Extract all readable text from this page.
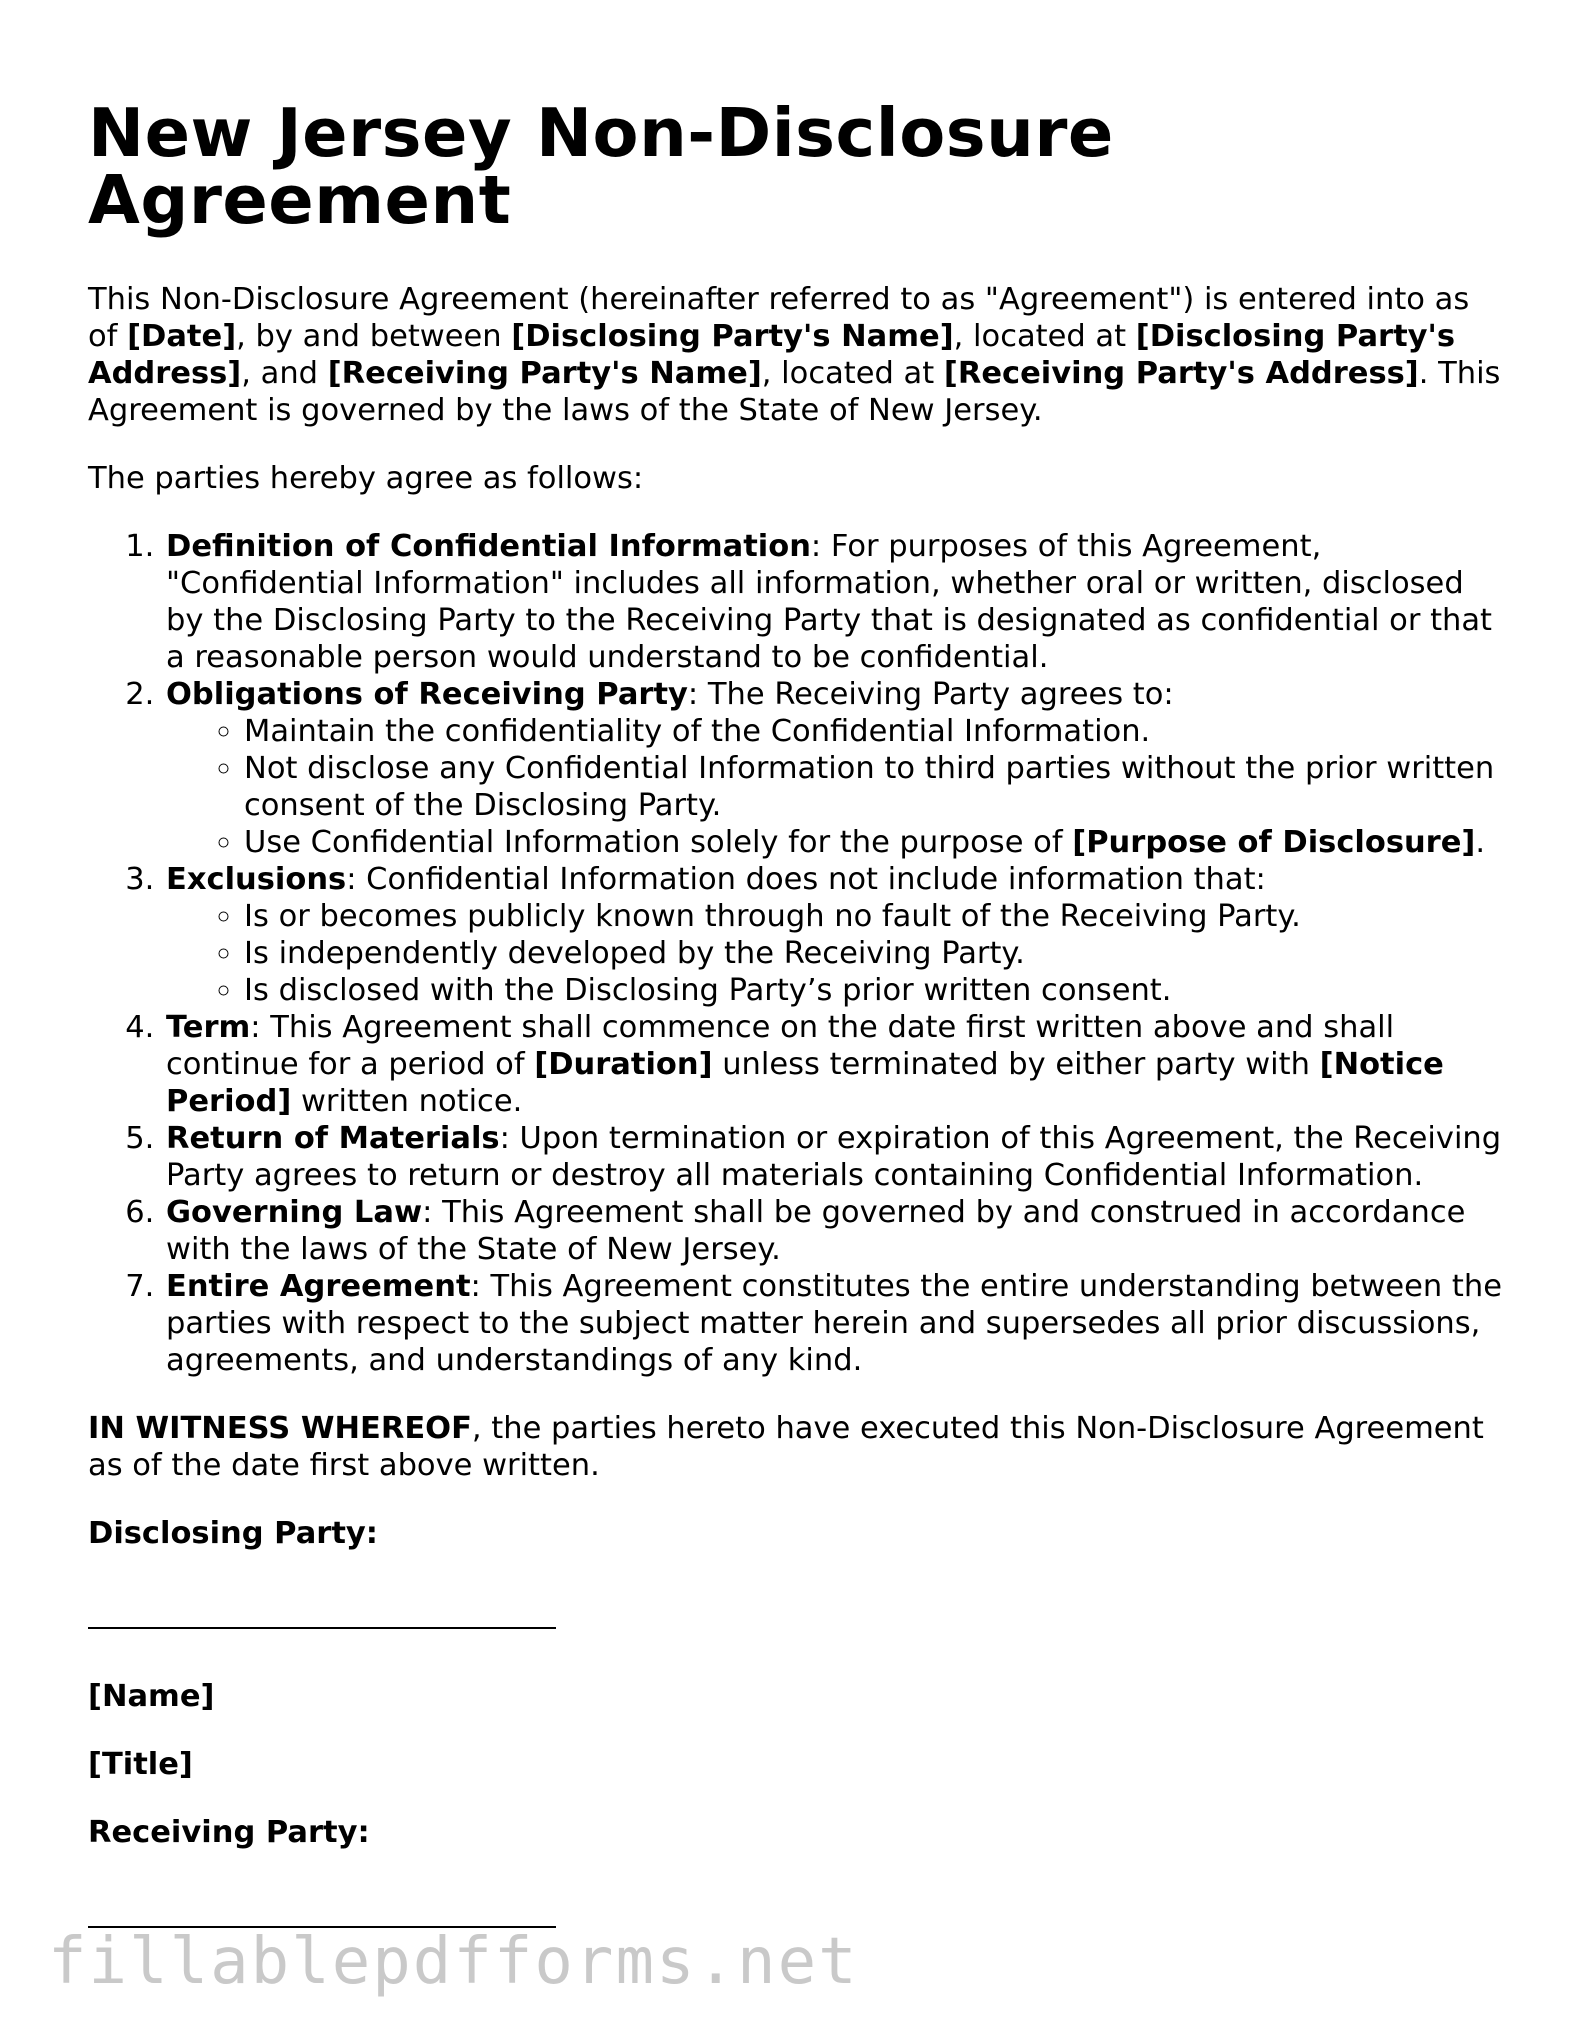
New Jersey Non-Disclosure Agreement

This Non-Disclosure Agreement (hereinafter referred to as "Agreement") is entered into as of [Date], by and between [Disclosing Party's Name], located at [Disclosing Party's Address], and [Receiving Party's Name], located at [Receiving Party's Address]. This Agreement is governed by the laws of the State of New Jersey.

The parties hereby agree as follows:

1. Definition of Confidential Information: For purposes of this Agreement, "Confidential Information" includes all information, whether oral or written, disclosed by the Disclosing Party to the Receiving Party that is designated as confidential or that a reasonable person would understand to be confidential.
2. Obligations of Receiving Party: The Receiving Party agrees to:
◦ Maintain the confidentiality of the Confidential Information.
◦ Not disclose any Confidential Information to third parties without the prior written consent of the Disclosing Party.
◦ Use Confidential Information solely for the purpose of [Purpose of Disclosure].
3. Exclusions: Confidential Information does not include information that:
◦ Is or becomes publicly known through no fault of the Receiving Party.
◦ Is independently developed by the Receiving Party.
◦ Is disclosed with the Disclosing Party’s prior written consent.
4. Term: This Agreement shall commence on the date first written above and shall continue for a period of [Duration] unless terminated by either party with [Notice Period] written notice.
5. Return of Materials: Upon termination or expiration of this Agreement, the Receiving Party agrees to return or destroy all materials containing Confidential Information.
6. Governing Law: This Agreement shall be governed by and construed in accordance with the laws of the State of New Jersey.
7. Entire Agreement: This Agreement constitutes the entire understanding between the parties with respect to the subject matter herein and supersedes all prior discussions, agreements, and understandings of any kind.

IN WITNESS WHEREOF, the parties hereto have executed this Non-Disclosure Agreement as of the date first above written.

Disclosing Party:

[Name]

[Title]

Receiving Party:

fillablepdfforms.net
